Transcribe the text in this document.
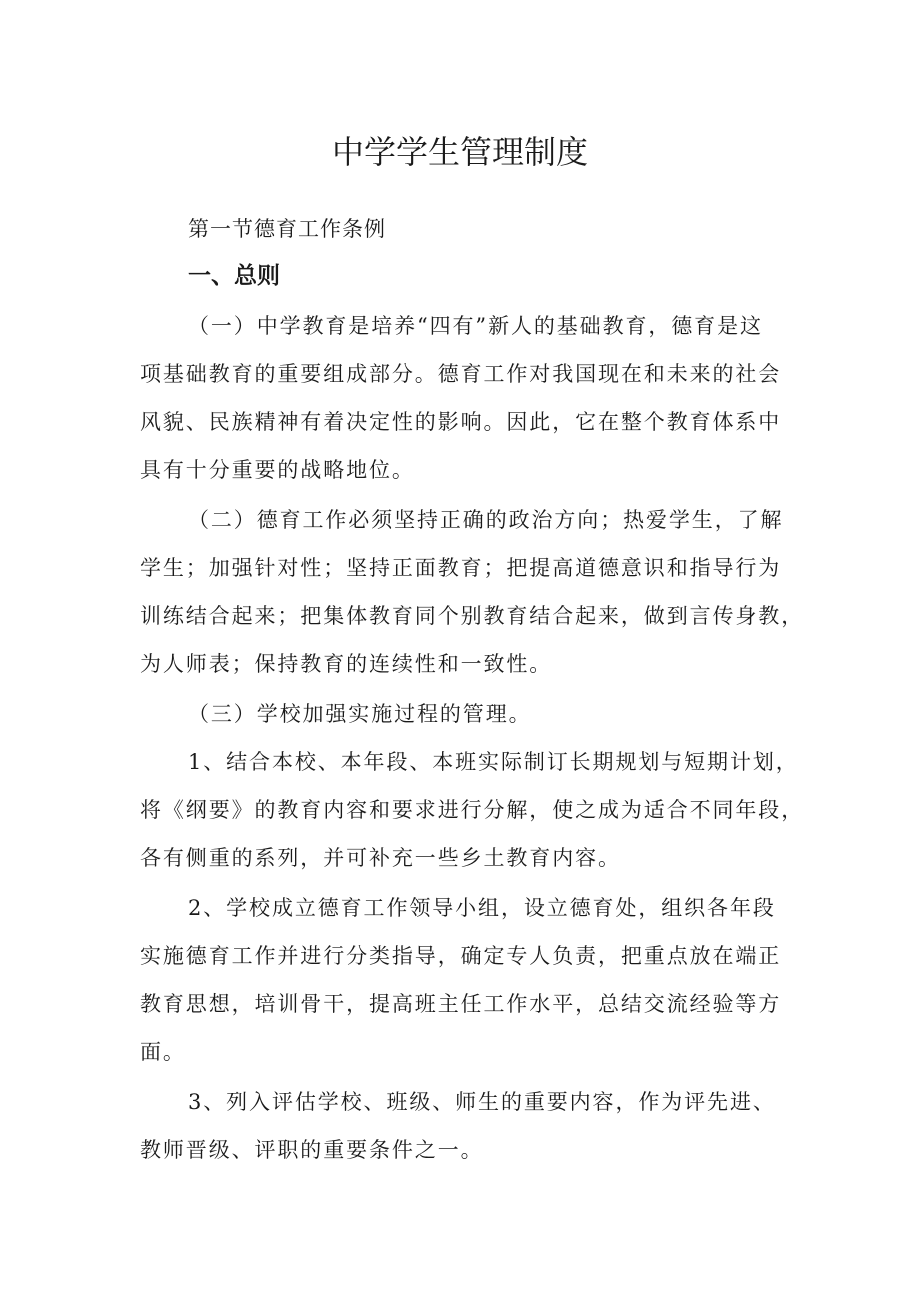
中学学生管理制度
第一节德育工作条例
一、总则
（一）中学教育是培养“四有”新人的基础教育，德育是这
项基础教育的重要组成部分。德育工作对我国现在和未来的社会
风貌、民族精神有着决定性的影响。因此，它在整个教育体系中
具有十分重要的战略地位。
（二）德育工作必须坚持正确的政治方向；热爱学生，了解
学生；加强针对性；坚持正面教育；把提高道德意识和指导行为
训练结合起来；把集体教育同个别教育结合起来，做到言传身教，
为人师表；保持教育的连续性和一致性。
（三）学校加强实施过程的管理。
1、结合本校、本年段、本班实际制订长期规划与短期计划，
将《纲要》的教育内容和要求进行分解，使之成为适合不同年段，
各有侧重的系列，并可补充一些乡土教育内容。
2、学校成立德育工作领导小组，设立德育处，组织各年段
实施德育工作并进行分类指导，确定专人负责，把重点放在端正
教育思想，培训骨干，提高班主任工作水平，总结交流经验等方
面。
3、列入评估学校、班级、师生的重要内容，作为评先进、
教师晋级、评职的重要条件之一。
